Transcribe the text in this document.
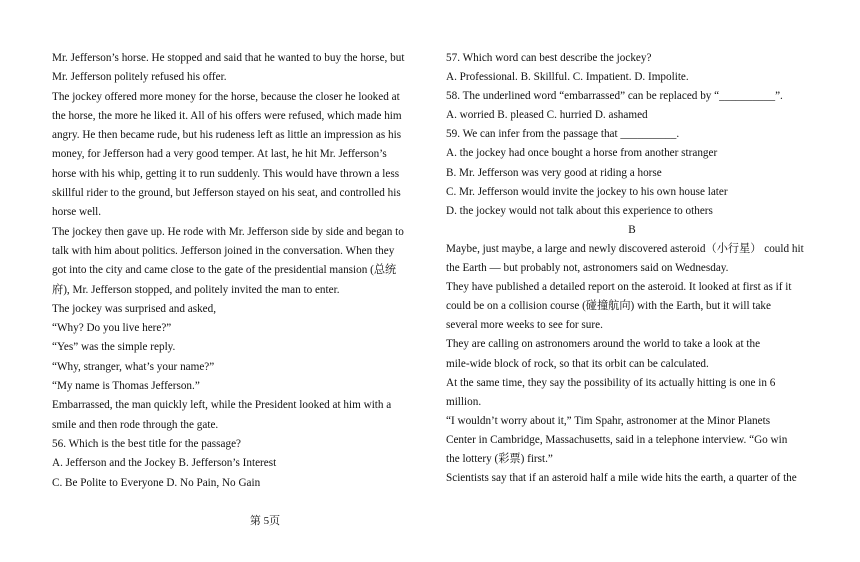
Mr. Jefferson’s horse. He stopped and said that he wanted to buy the horse, but
Mr. Jefferson politely refused his offer.
The jockey offered more money for the horse, because the closer he looked at
the horse, the more he liked it. All of his offers were refused, which made him
angry. He then became rude, but his rudeness left as little an impression as his
money, for Jefferson had a very good temper. At last, he hit Mr. Jefferson’s
horse with his whip, getting it to run suddenly. This would have thrown a less
skillful rider to the ground, but Jefferson stayed on his seat, and controlled his
horse well.
The jockey then gave up. He rode with Mr. Jefferson side by side and began to
talk with him about politics. Jefferson joined in the conversation. When they
got into the city and came close to the gate of the presidential mansion (总统
府), Mr. Jefferson stopped, and politely invited the man to enter.
The jockey was surprised and asked,
“Why? Do you live here?”
“Yes” was the simple reply.
“Why, stranger, what’s your name?”
“My name is Thomas Jefferson.”
Embarrassed, the man quickly left, while the President looked at him with a
smile and then rode through the gate.
56. Which is the best title for the passage?
A. Jefferson and the Jockey B. Jefferson’s Interest
C. Be Polite to Everyone D. No Pain, No Gain
57. Which word can best describe the jockey?
A. Professional. B. Skillful. C. Impatient. D. Impolite.
58. The underlined word “embarrassed” can be replaced by “__________”.
A. worried B. pleased C. hurried D. ashamed
59. We can infer from the passage that __________.
A. the jockey had once bought a horse from another stranger
B. Mr. Jefferson was very good at riding a horse
C. Mr. Jefferson would invite the jockey to his own house later
D. the jockey would not talk about this experience to others
B
Maybe, just maybe, a large and newly discovered asteroid（小行星） could hit
the Earth — but probably not, astronomers said on Wednesday.
They have published a detailed report on the asteroid. It looked at first as if it
could be on a collision course (碰撞航向) with the Earth, but it will take
several more weeks to see for sure.
They are calling on astronomers around the world to take a look at the
mile-wide block of rock, so that its orbit can be calculated.
At the same time, they say the possibility of its actually hitting is one in 6
million.
“I wouldn’t worry about it,” Tim Spahr, astronomer at the Minor Planets
Center in Cambridge, Massachusetts, said in a telephone interview. “Go win
the lottery (彩票) first.”
Scientists say that if an asteroid half a mile wide hits the earth, a quarter of the
第 5页
